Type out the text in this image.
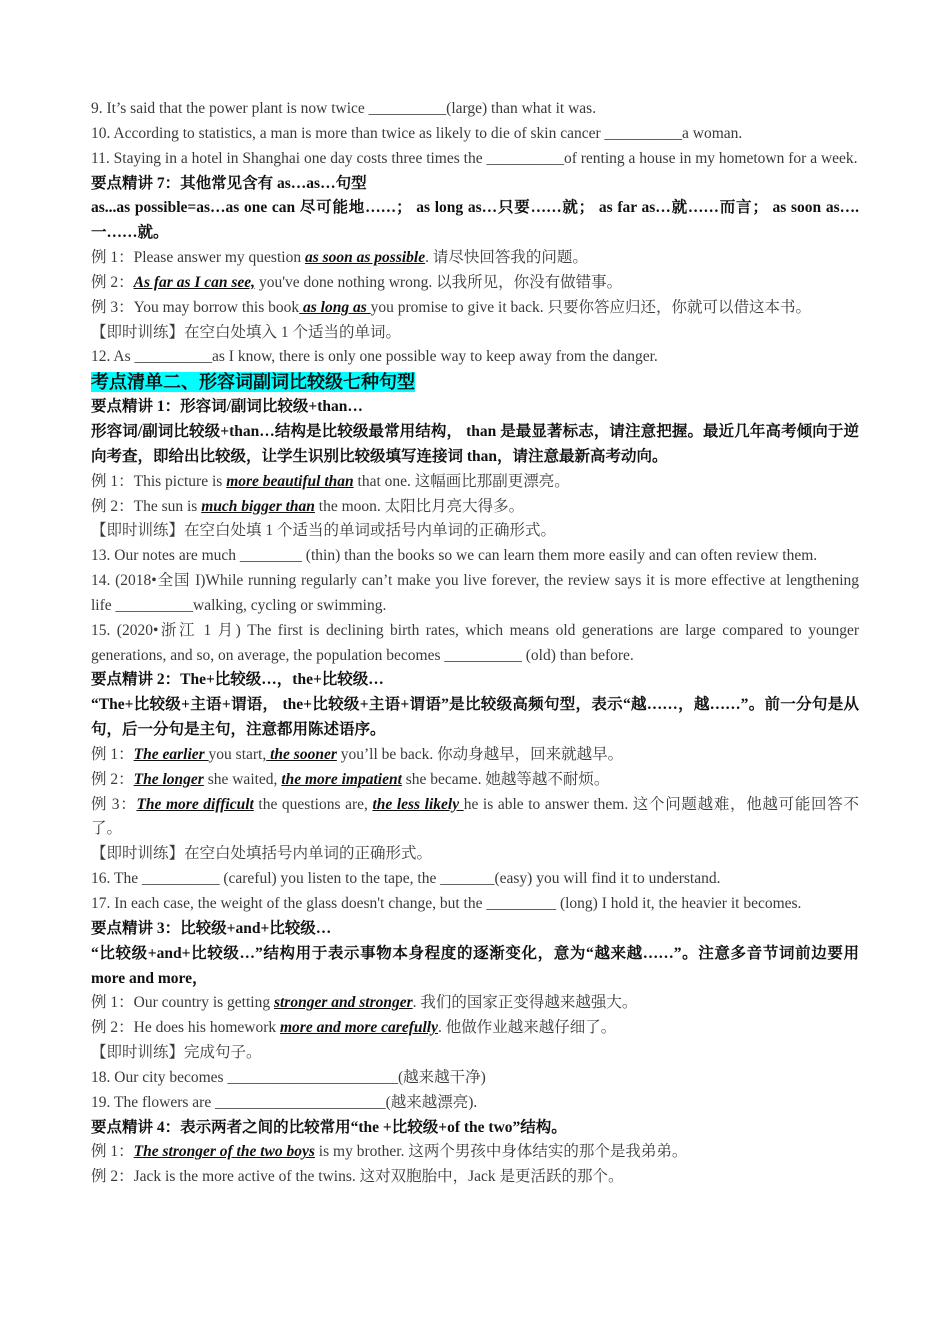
9. It’s said that the power plant is now twice __________(large) than what it was.
10. According to statistics, a man is more than twice as likely to die of skin cancer __________a woman.
11. Staying in a hotel in Shanghai one day costs three times the __________of renting a house in my hometown for a week.
要点精讲 7：其他常见含有 as…as…句型
as...as possible=as…as one can 尽可能地……； as long as…只要……就； as far as…就……而言； as soon as….一……就。
例 1：Please answer my question as soon as possible. 请尽快回答我的问题。
例 2：As far as I can see, you've done nothing wrong. 以我所见，你没有做错事。
例 3：You may borrow this book as long as you promise to give it back. 只要你答应归还，你就可以借这本书。
【即时训练】在空白处填入 1 个适当的单词。
12. As __________as I know, there is only one possible way to keep away from the danger.
考点清单二、形容词副词比较级七种句型
要点精讲 1：形容词/副词比较级+than…
形容词/副词比较级+than…结构是比较级最常用结构， than 是最显著标志，请注意把握。最近几年高考倾向于逆向考查，即给出比较级，让学生识别比较级填写连接词 than，请注意最新高考动向。
例 1：This picture is more beautiful than that one. 这幅画比那副更漂亮。
例 2：The sun is much bigger than the moon. 太阳比月亮大得多。
【即时训练】在空白处填 1 个适当的单词或括号内单词的正确形式。
13. Our notes are much ________ (thin) than the books so we can learn them more easily and can often review them.
14. (2018•全国 I)While running regularly can’t make you live forever, the review says it is more effective at lengthening life __________walking, cycling or swimming.
15. (2020•浙江 1 月) The first is declining birth rates, which means old generations are large compared to younger generations, and so, on average, the population becomes __________ (old) than before.
要点精讲 2：The+比较级…，the+比较级…
“The+比较级+主语+谓语， the+比较级+主语+谓语”是比较级高频句型，表示“越……，越……”。前一分句是从句，后一分句是主句，注意都用陈述语序。
例 1：The earlier you start, the sooner you’ll be back. 你动身越早，回来就越早。
例 2：The longer she waited, the more impatient she became. 她越等越不耐烦。
例 3：The more difficult the questions are, the less likely he is able to answer them. 这个问题越难，他越可能回答不了。
【即时训练】在空白处填括号内单词的正确形式。
16. The __________ (careful) you listen to the tape, the _______(easy) you will find it to understand.
17. In each case, the weight of the glass doesn't change, but the _________ (long) I hold it, the heavier it becomes.
要点精讲 3：比较级+and+比较级…
“比较级+and+比较级…”结构用于表示事物本身程度的逐渐变化，意为“越来越……”。注意多音节词前边要用 more and more，
例 1：Our country is getting stronger and stronger. 我们的国家正变得越来越强大。
例 2：He does his homework more and more carefully. 他做作业越来越仔细了。
【即时训练】完成句子。
18. Our city becomes ______________________(越来越干净)
19. The flowers are ______________________(越来越漂亮).
要点精讲 4：表示两者之间的比较常用“the +比较级+of the two”结构。
例 1：The stronger of the two boys is my brother. 这两个男孩中身体结实的那个是我弟弟。
例 2：Jack is the more active of the twins. 这对双胞胎中，Jack 是更活跃的那个。
